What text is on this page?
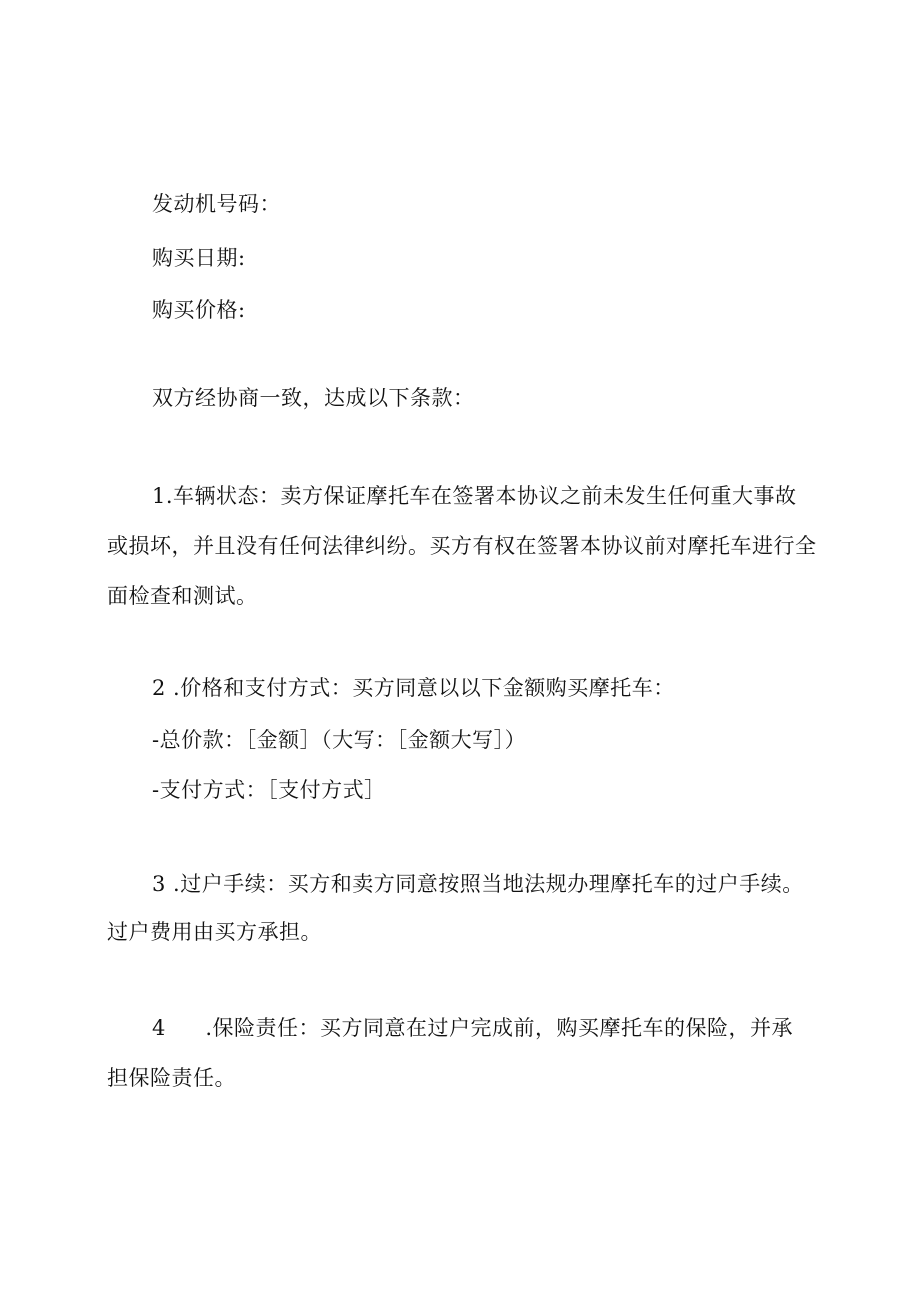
发动机号码：
购买日期:
购买价格:
双方经协商一致，达成以下条款：
1.车辆状态：卖方保证摩托车在签署本协议之前未发生任何重大事故
或损坏，并且没有任何法律纠纷。买方有权在签署本协议前对摩托车进行全
面检查和测试。
2 .价格和支付方式：买方同意以以下金额购买摩托车：
-总价款：［金额］（大写：［金额大写］）
-支付方式：［支付方式］
3 .过户手续：买方和卖方同意按照当地法规办理摩托车的过户手续。
过户费用由买方承担。
4 .保险责任：买方同意在过户完成前，购买摩托车的保险，并承
担保险责任。
